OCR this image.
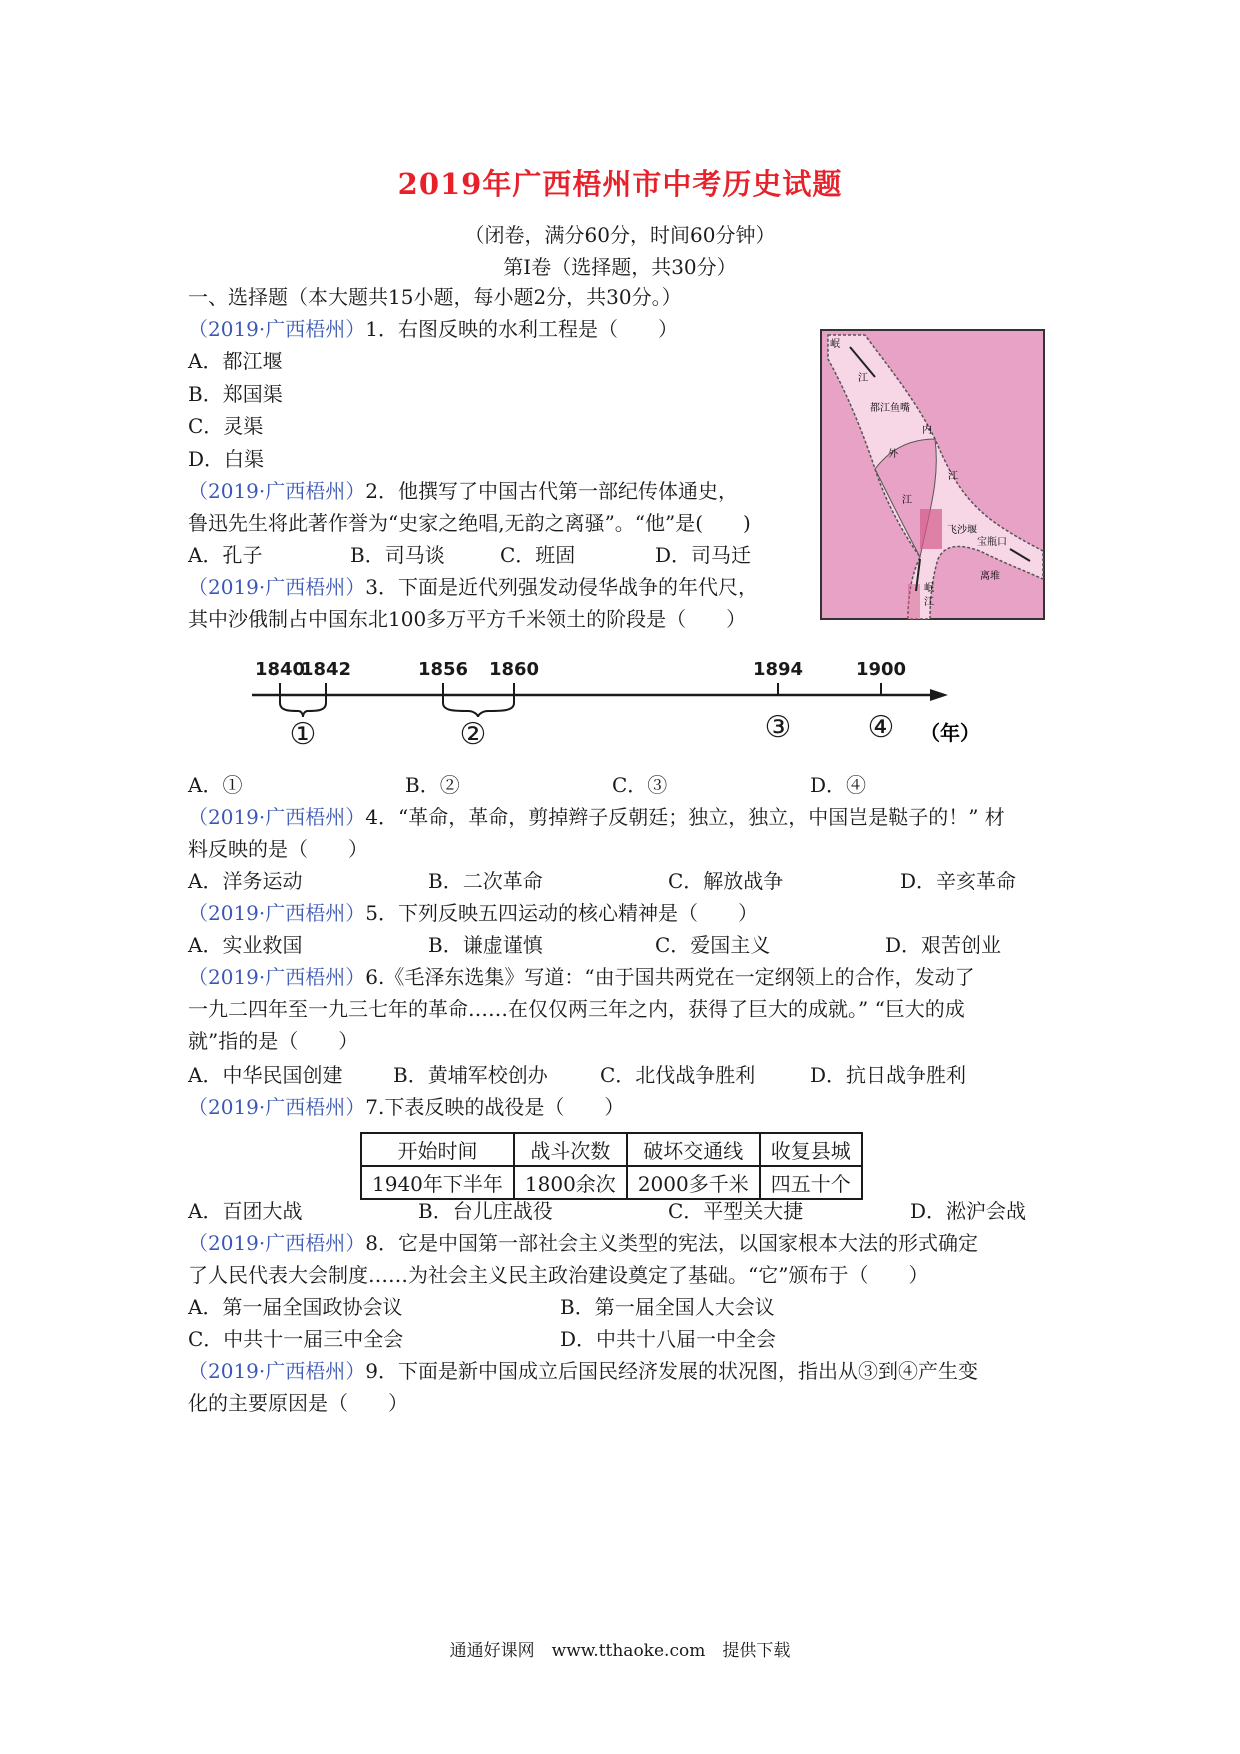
2019年广西梧州市中考历史试题
（闭卷，满分60分，时间60分钟）
第Ⅰ卷（选择题，共30分）
一、选择题（本大题共15小题，每小题2分，共30分。）
（2019·广西梧州）1．右图反映的水利工程是（　　）
A．都江堰
B．郑国渠
C．灵渠
D．白渠
岷
江
都江鱼嘴
外
内
江
江
飞沙堰
宝瓶口
离堆
岷
江
（2019·广西梧州）2．他撰写了中国古代第一部纪传体通史，
鲁迅先生将此著作誉为“史家之绝唱,无韵之离骚”。“他”是(　　)
A．孔子	B．司马谈	C．班固	D．司马迁
（2019·广西梧州）3．下面是近代列强发动侵华战争的年代尺，
其中沙俄制占中国东北100多万平方千米领土的阶段是（　　）
1840
1842	1856 1860	1894	1900
①	②	③	④ （年）
A．①	B．②	C．③	D．④
（2019·广西梧州）4．“革命，革命，剪掉辫子反朝廷；独立，独立，中国岂是鞑子的！” 材
料反映的是（　　）
A．洋务运动	B．二次革命	C．解放战争	D．辛亥革命
（2019·广西梧州）5．下列反映五四运动的核心精神是（　　）
A．实业救国	B．谦虚谨慎	C．爱国主义	D．艰苦创业
（2019·广西梧州）6.《毛泽东选集》写道：“由于国共两党在一定纲领上的合作，发动了
一九二四年至一九三七年的革命……在仅仅两三年之内，获得了巨大的成就。” “巨大的成
就”指的是（　　）
A．中华民国创建	B．黄埔军校创办	C．北伐战争胜利	D．抗日战争胜利
（2019·广西梧州）7.下表反映的战役是（　　）
开始时间	战斗次数	破坏交通线	收复县城
1940年下半年	1800余次	2000多千米	四五十个
A．百团大战	B．台儿庄战役	C．平型关大捷	D．淞沪会战
（2019·广西梧州）8．它是中国第一部社会主义类型的宪法，以国家根本大法的形式确定
了人民代表大会制度……为社会主义民主政治建设奠定了基础。“它”颁布于（　　）
A．第一届全国政协会议	B．第一届全国人大会议
C．中共十一届三中全会	D．中共十八届一中全会
（2019·广西梧州）9．下面是新中国成立后国民经济发展的状况图，指出从③到④产生变
化的主要原因是（　　）
通通好课网　www.tthaoke.com　提供下载
